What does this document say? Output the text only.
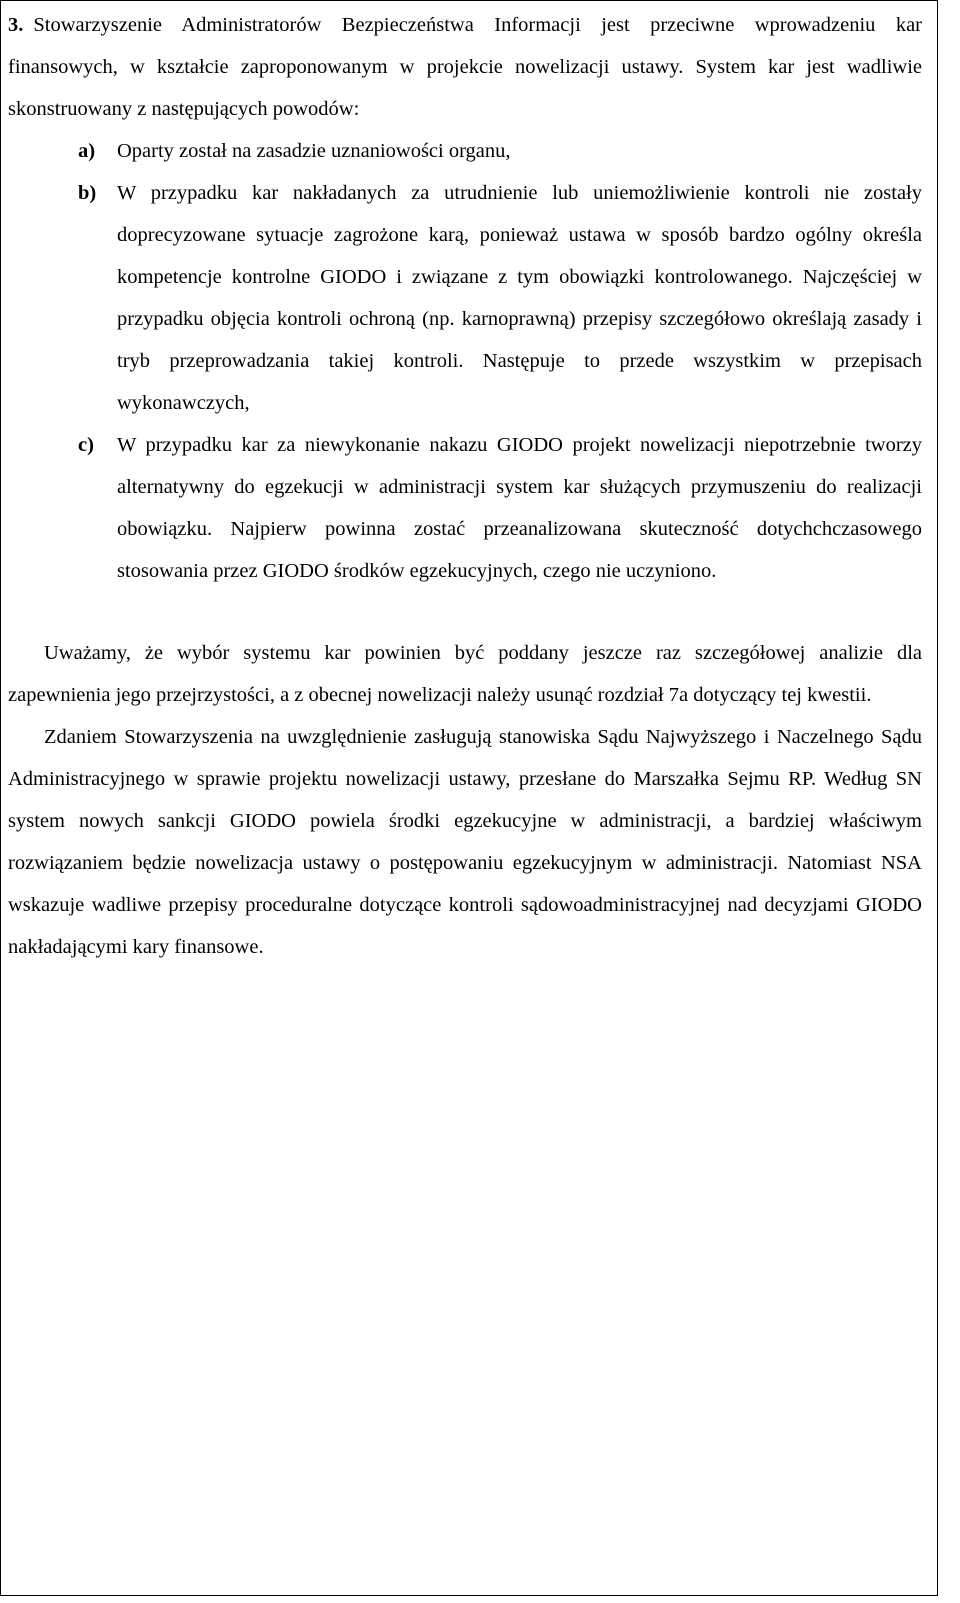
3. Stowarzyszenie Administratorów Bezpieczeństwa Informacji jest przeciwne wprowadzeniu kar finansowych, w kształcie zaproponowanym w projekcie nowelizacji ustawy. System kar jest wadliwie skonstruowany z następujących powodów:

a) Oparty został na zasadzie uznaniowości organu,
b) W przypadku kar nakładanych za utrudnienie lub uniemożliwienie kontroli nie zostały doprecyzowane sytuacje zagrożone karą, ponieważ ustawa w sposób bardzo ogólny określa kompetencje kontrolne GIODO i związane z tym obowiązki kontrolowanego. Najczęściej w przypadku objęcia kontroli ochroną (np. karnoprawną) przepisy szczegółowo określają zasady i tryb przeprowadzania takiej kontroli. Następuje to przede wszystkim w przepisach wykonawczych,
c) W przypadku kar za niewykonanie nakazu GIODO projekt nowelizacji niepotrzebnie tworzy alternatywny do egzekucji w administracji system kar służących przymuszeniu do realizacji obowiązku. Najpierw powinna zostać przeanalizowana skuteczność dotychchczasowego stosowania przez GIODO środków egzekucyjnych, czego nie uczyniono.

Uważamy, że wybór systemu kar powinien być poddany jeszcze raz szczegółowej analizie dla zapewnienia jego przejrzystości, a z obecnej nowelizacji należy usunąć rozdział 7a dotyczący tej kwestii.

Zdaniem Stowarzyszenia na uwzględnienie zasługują stanowiska Sądu Najwyższego i Naczelnego Sądu Administracyjnego w sprawie projektu nowelizacji ustawy, przesłane do Marszałka Sejmu RP. Według SN system nowych sankcji GIODO powiela środki egzekucyjne w administracji, a bardziej właściwym rozwiązaniem będzie nowelizacja ustawy o postępowaniu egzekucyjnym w administracji. Natomiast NSA wskazuje wadliwe przepisy proceduralne dotyczące kontroli sądowoadministracyjnej nad decyzjami GIODO nakładającymi kary finansowe.
